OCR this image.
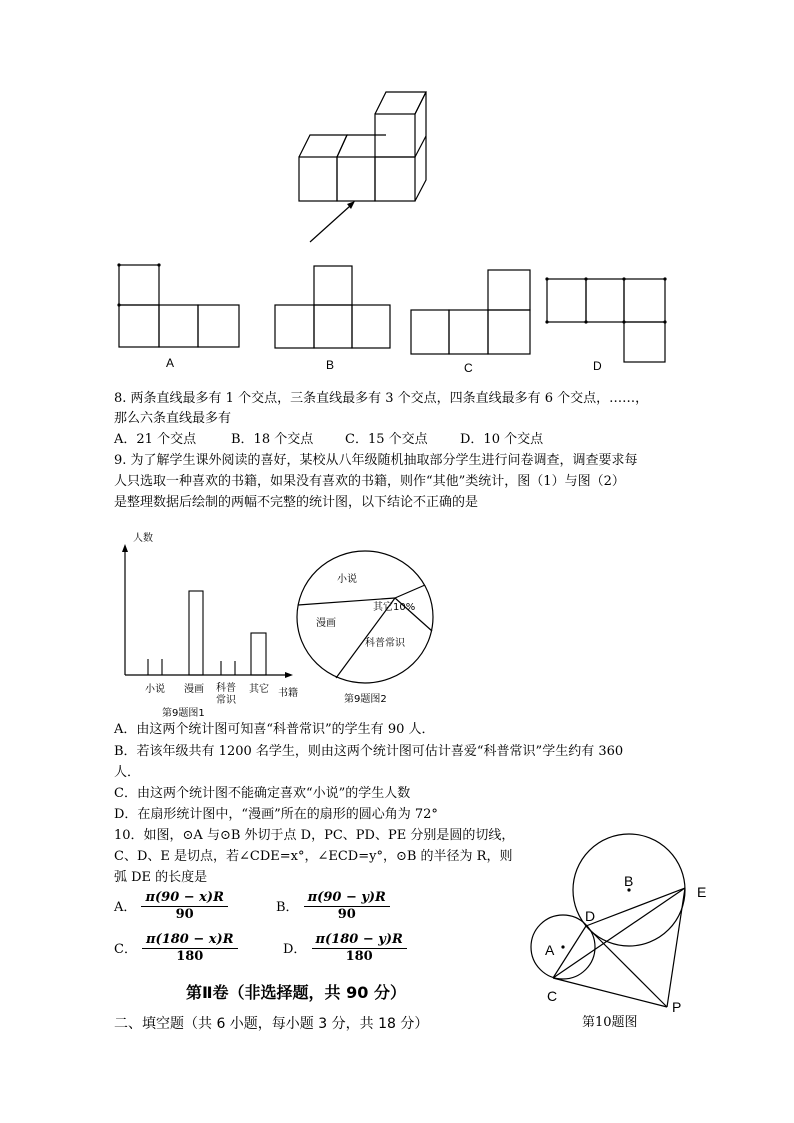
A	B	C	D
8. 两条直线最多有 1 个交点，三条直线最多有 3 个交点，四条直线最多有 6 个交点，……，
那么六条直线最多有
A．21 个交点	B．18 个交点 C．15 个交点 D．10 个交点
9. 为了解学生课外阅读的喜好，某校从八年级随机抽取部分学生进行问卷调查，调查要求每
人只选取一种喜欢的书籍，如果没有喜欢的书籍，则作“其他”类统计，图（1）与图（2）
是整理数据后绘制的两幅不完整的统计图，以下结论不正确的是
人数
书籍
小说 漫画 科普
常识
其它
第9题图1
小说
其它10%
漫画
科普常识
第9题图2
A．由这两个统计图可知喜“科普常识”的学生有 90 人．
B．若该年级共有 1200 名学生，则由这两个统计图可估计喜爱“科普常识”学生约有 360
人．
C．由这两个统计图不能确定喜欢“小说”的学生人数
D．在扇形统计图中，“漫画”所在的扇形的圆心角为 72°
10．如图，⊙A 与⊙B 外切于点 D，PC、PD、PE 分别是圆的切线，
C、D、E 是切点，若∠CDE=x°，∠ECD=y°，⊙B 的半径为 R，则
弧 DE 的长度是
A． $\frac{\pi(90 - x)R}{90}$	B． $\frac{\pi(90 - y)R}{90}$
C． $\frac{\pi(180 - x)R}{180}$	D． $\frac{\pi(180 - y)R}{180}$
B
E
D
A
C
P
第10题图
第Ⅱ卷（非选择题，共 90 分）
二、填空题（共 6 小题，每小题 3 分，共 18 分）
